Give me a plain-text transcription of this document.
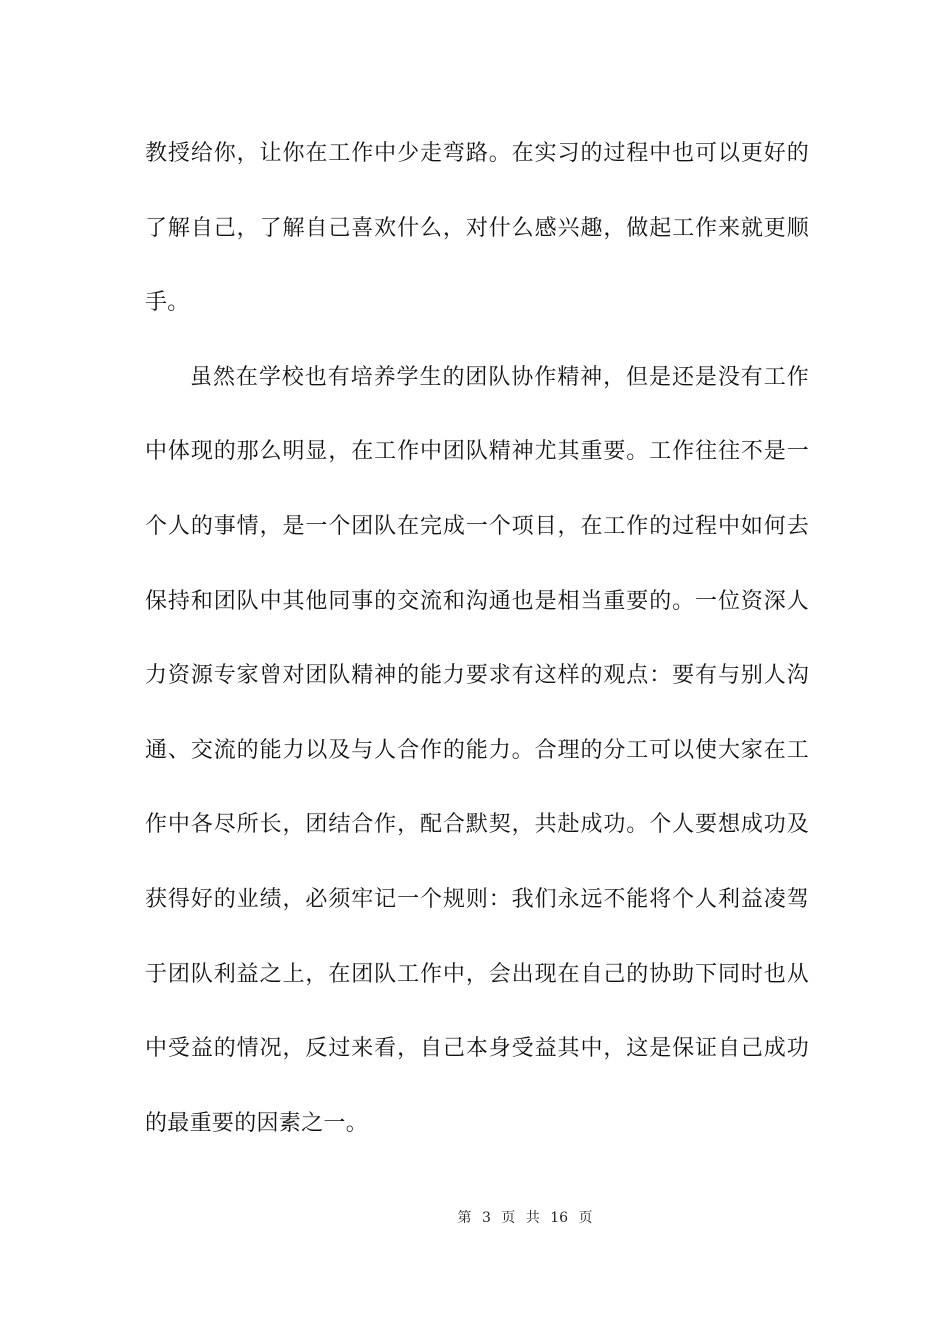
教授给你，让你在工作中少走弯路。在实习的过程中也可以更好的
了解自己，了解自己喜欢什么，对什么感兴趣，做起工作来就更顺
手。
虽然在学校也有培养学生的团队协作精神，但是还是没有工作
中体现的那么明显，在工作中团队精神尤其重要。工作往往不是一
个人的事情，是一个团队在完成一个项目，在工作的过程中如何去
保持和团队中其他同事的交流和沟通也是相当重要的。一位资深人
力资源专家曾对团队精神的能力要求有这样的观点：要有与别人沟
通、交流的能力以及与人合作的能力。合理的分工可以使大家在工
作中各尽所长，团结合作，配合默契，共赴成功。个人要想成功及
获得好的业绩，必须牢记一个规则：我们永远不能将个人利益凌驾
于团队利益之上，在团队工作中，会出现在自己的协助下同时也从
中受益的情况，反过来看，自己本身受益其中，这是保证自己成功
的最重要的因素之一。
第 3 页 共 16 页
